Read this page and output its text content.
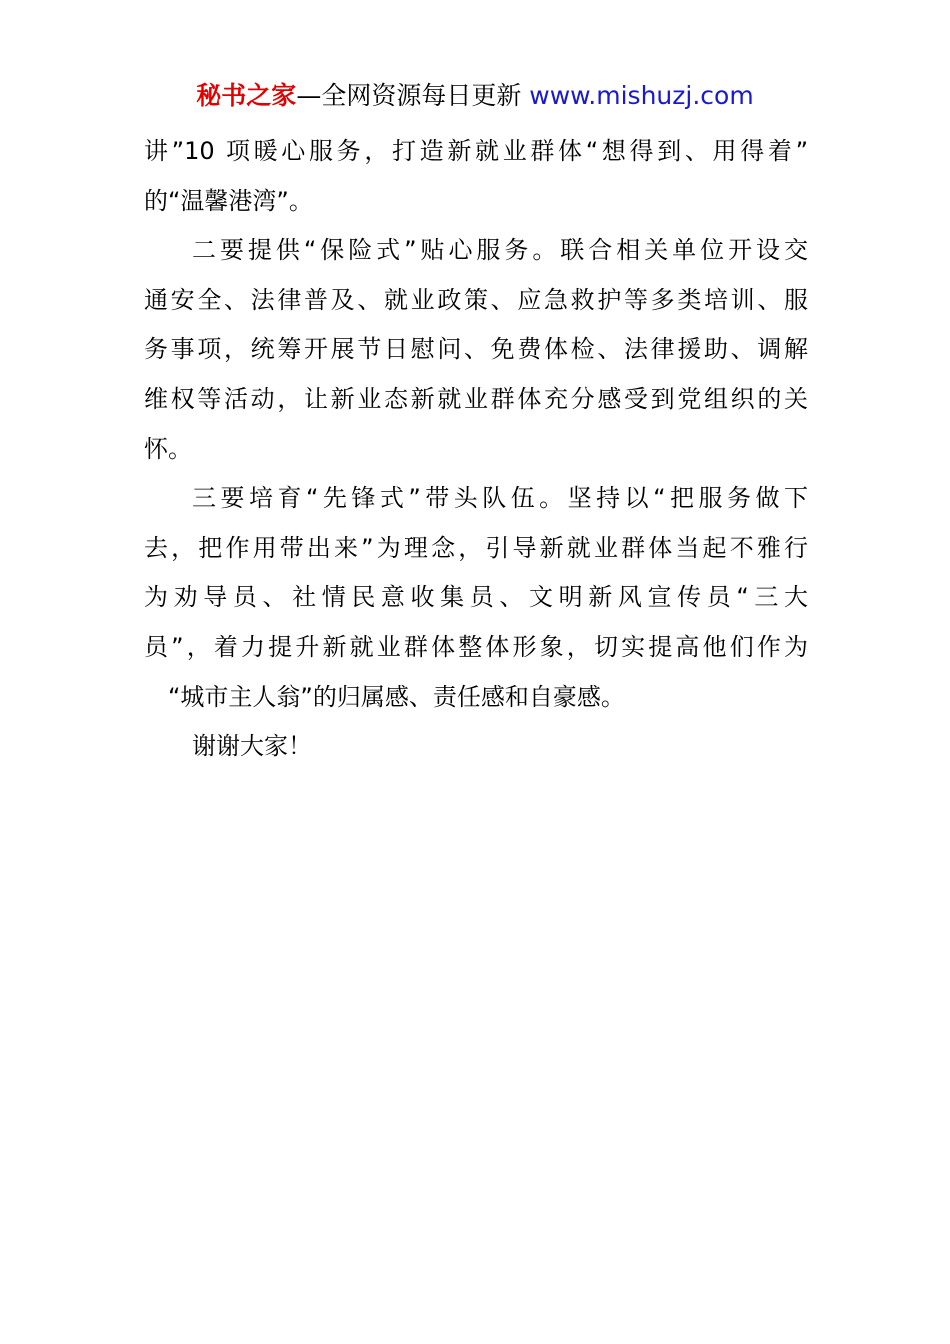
秘书之家—全网资源每日更新 www.mishuzj.com
讲”10 项暖心服务，打造新就业群体“想得到、用得着”
的“温馨港湾”。
二要提供“保险式”贴心服务。联合相关单位开设交
通安全、法律普及、就业政策、应急救护等多类培训、服
务事项，统筹开展节日慰问、免费体检、法律援助、调解
维权等活动，让新业态新就业群体充分感受到党组织的关
怀。
三要培育“先锋式”带头队伍。坚持以“把服务做下
去，把作用带出来”为理念，引导新就业群体当起不雅行
为劝导员、社情民意收集员、文明新风宣传员“三大
员”，着力提升新就业群体整体形象，切实提高他们作为
“城市主人翁”的归属感、责任感和自豪感。
谢谢大家！
